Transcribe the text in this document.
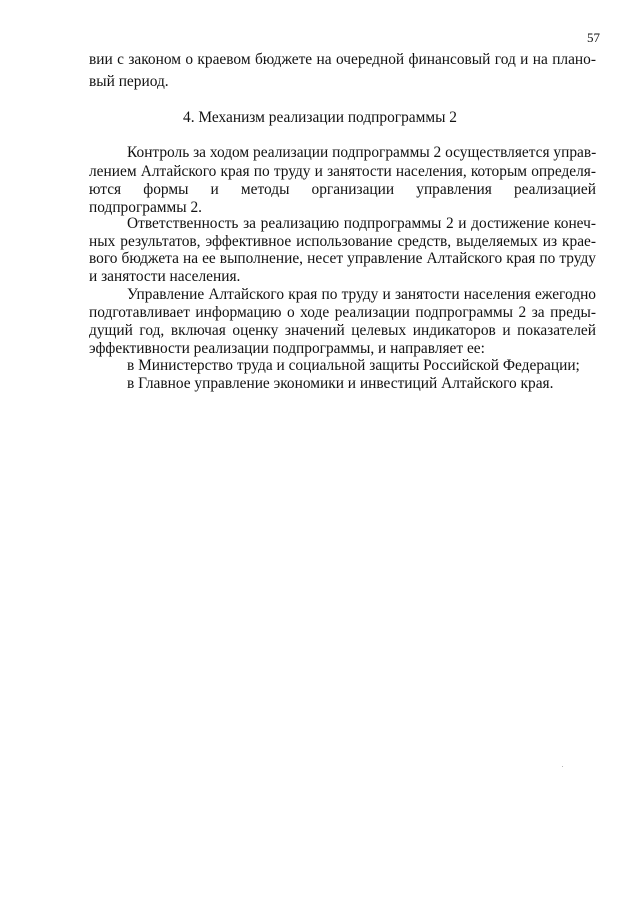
57
вии с законом о краевом бюджете на очередной финансовый год и на плано-
вый период.
4. Механизм реализации подпрограммы 2
Контроль за ходом реализации подпрограммы 2 осуществляется управ-
лением Алтайского края по труду и занятости населения, которым определя-
ются формы и методы организации управления реализацией
подпрограммы 2.
Ответственность за реализацию подпрограммы 2 и достижение конеч-
ных результатов, эффективное использование средств, выделяемых из крае-
вого бюджета на ее выполнение, несет управление Алтайского края по труду
и занятости населения.
Управление Алтайского края по труду и занятости населения ежегодно
подготавливает информацию о ходе реализации подпрограммы 2 за преды-
дущий год, включая оценку значений целевых индикаторов и показателей
эффективности реализации подпрограммы, и направляет ее:
в Министерство труда и социальной защиты Российской Федерации;
в Главное управление экономики и инвестиций Алтайского края.
